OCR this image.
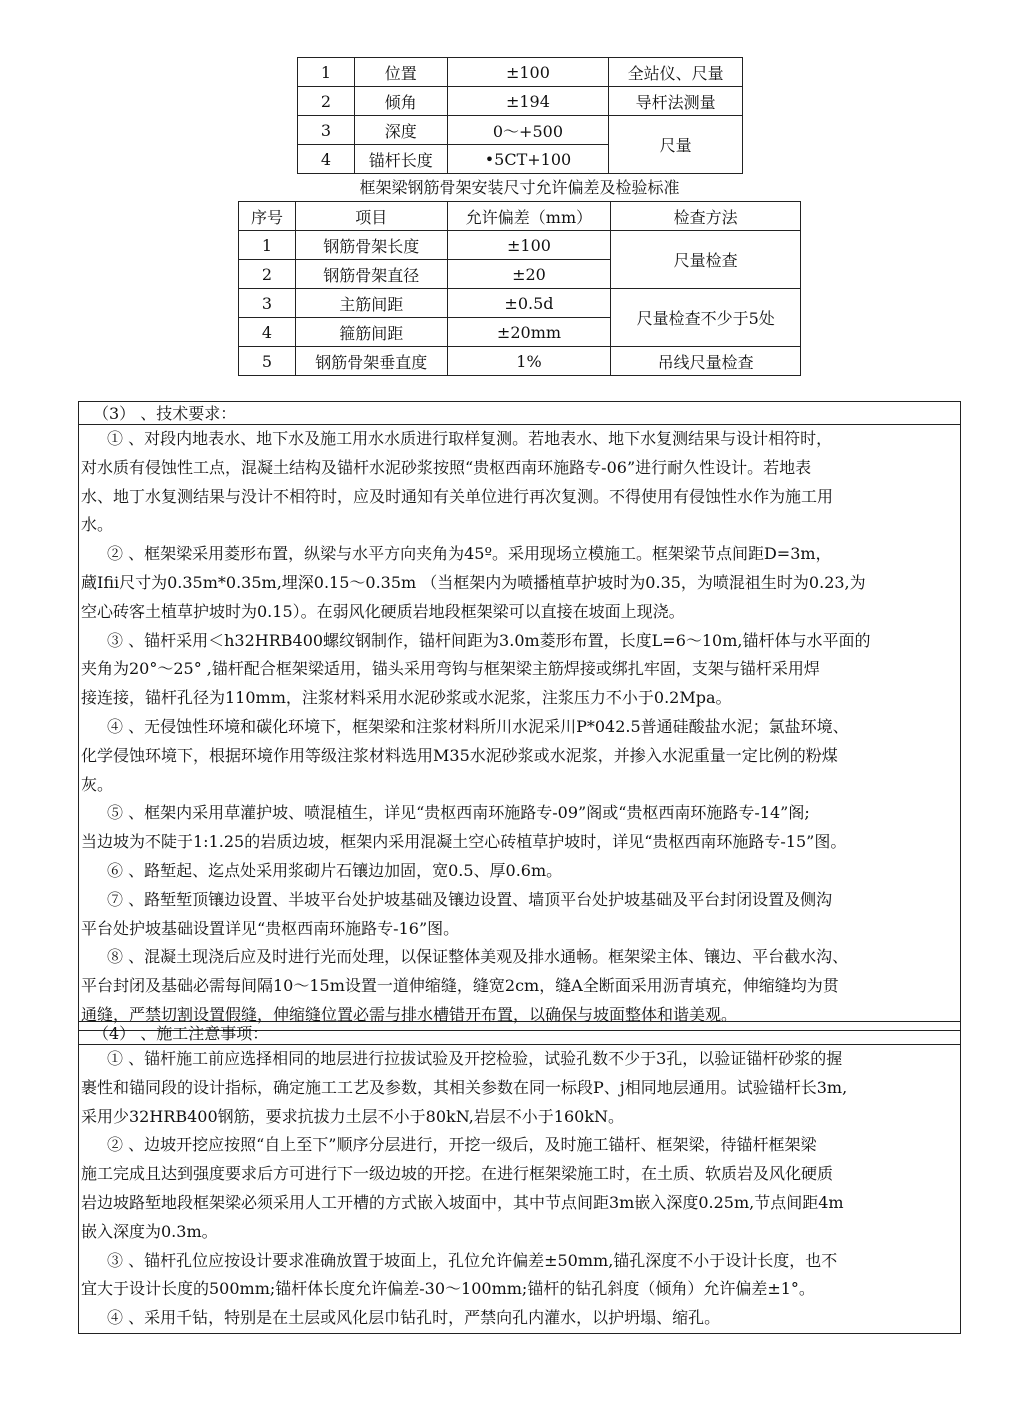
1	位置	±100	全站仪、尺量
2	倾角	±194	导杆法测量
3	深度	0～+500	尺量
4	锚杆长度	•5CT+100	
框架梁钢筋骨架安装尺寸允许偏差及检验标准
序号	项目	允许偏差（mm）	检查方法
1	钢筋骨架长度	±100	尺量检查
2	钢筋骨架直径	±20	
3	主筋间距	±0.5d	尺量检查不少于5处
4	箍筋间距	±20mm	
5	钢筋骨架垂直度	1%	吊线尺量检查
（3） 、技术要求：
① 、对段内地表水、地下水及施工用水水质进行取样复测。若地表水、地下水复测结果与设计相符时，
对水质有侵蚀性工点，混凝土结构及锚杆水泥砂浆按照“贵枢西南环施路专-06”进行耐久性设计。若地表
水、地丁水复测结果与没计不相符时，应及时通知有关单位进行再次复测。不得使用有侵蚀性水作为施工用
水。
② 、框架梁采用菱形布置，纵梁与水平方向夹角为45º。采用现场立模施工。框架梁节点间距D=3m，
蔵Ifii尺寸为0.35m*0.35m,埋深0.15～0.35m （当框架内为喷播植草护坡时为0.35，为喷混祖生时为0.23,为
空心砖客土植草护坡时为0.15）。在弱风化硬质岩地段框架梁可以直接在坡面上现浇。
③ 、锚杆采用＜h32HRB400螺纹钢制作，锚杆间距为3.0m菱形布置，长度L=6～10m,锚杆体与水平面的
夹角为20°～25° ,锚杆配合框架梁适用，锚头采用弯钩与框架梁主筋焊接或绑扎牢固，支架与锚杆采用焊
接连接，锚杆孔径为110mm，注浆材料采用水泥砂浆或水泥浆，注浆压力不小于0.2Mpa。
④ 、无侵蚀性环境和碳化环境下，框架梁和注浆材料所川水泥采川P*042.5普通硅酸盐水泥；氯盐环境、
化学侵蚀环境下，根据环境作用等级注浆材料选用M35水泥砂浆或水泥浆，并掺入水泥重量一定比例的粉煤
灰。
⑤ 、框架内采用草灌护坡、喷混植生，详见“贵枢西南环施路专-09”阁或“贵枢西南环施路专-14”阁;
当边坡为不陡于1:1.25的岩质边坡，框架内采用混凝土空心砖植草护坡时，详见“贵枢西南环施路专-15”图。
⑥ 、路堑起、迄点处采用浆砌片石镶边加固，宽0.5、厚0.6m。
⑦ 、路堑堑顶镶边设置、半坡平台处护坡基础及镶边设置、墙顶平台处护坡基础及平台封闭设置及侧沟
平台处护坡基础设置详见“贵枢西南环施路专-16”图。
⑧ 、混凝土现浇后应及时进行光而处理，以保证整体美观及排水通畅。框架梁主体、镶边、平台截水沟、
平台封闭及基础必需每间隔10～15m设置一道伸缩缝，缝宽2cm，缝A全断面采用沥青填充，伸缩缝均为贯
通缝，严禁切割设置假缝，伸缩缝位置必需与排水槽错开布置，以确保与坡面整体和谐美观。
（4） 、施工注意事项：
① 、锚杆施工前应选择相同的地层进行拉拔试验及开挖检验，试验孔数不少于3孔，以验证锚杆砂浆的握
裹性和锚同段的设计指标，确定施工工艺及参数，其相关参数在同一标段P、j相同地层通用。试验锚杆长3m,
采用少32HRB400钢筋，要求抗拔力土层不小于80kN,岩层不小于160kN。
② 、边坡开挖应按照“自上至下”顺序分层进行，开挖一级后，及时施工锚杆、框架梁，待锚杆框架梁
施工完成且达到强度要求后方可进行下一级边坡的开挖。在进行框架梁施工时，在土质、软质岩及风化硬质
岩边坡路堑地段框架梁必须采用人工开槽的方式嵌入坡面中，其中节点间距3m嵌入深度0.25m,节点间距4m
嵌入深度为0.3m。
③ 、锚杆孔位应按设计要求准确放置于坡面上，孔位允许偏差±50mm,锚孔深度不小于设计长度，也不
宜大于设计长度的500mm;锚杆体长度允许偏差-30～100mm;锚杆的钻孔斜度（倾角）允许偏差±1°。
④ 、采用千钻，特别是在土层或风化层巾钻孔时，严禁向孔内灌水，以护坍塌、缩孔。
